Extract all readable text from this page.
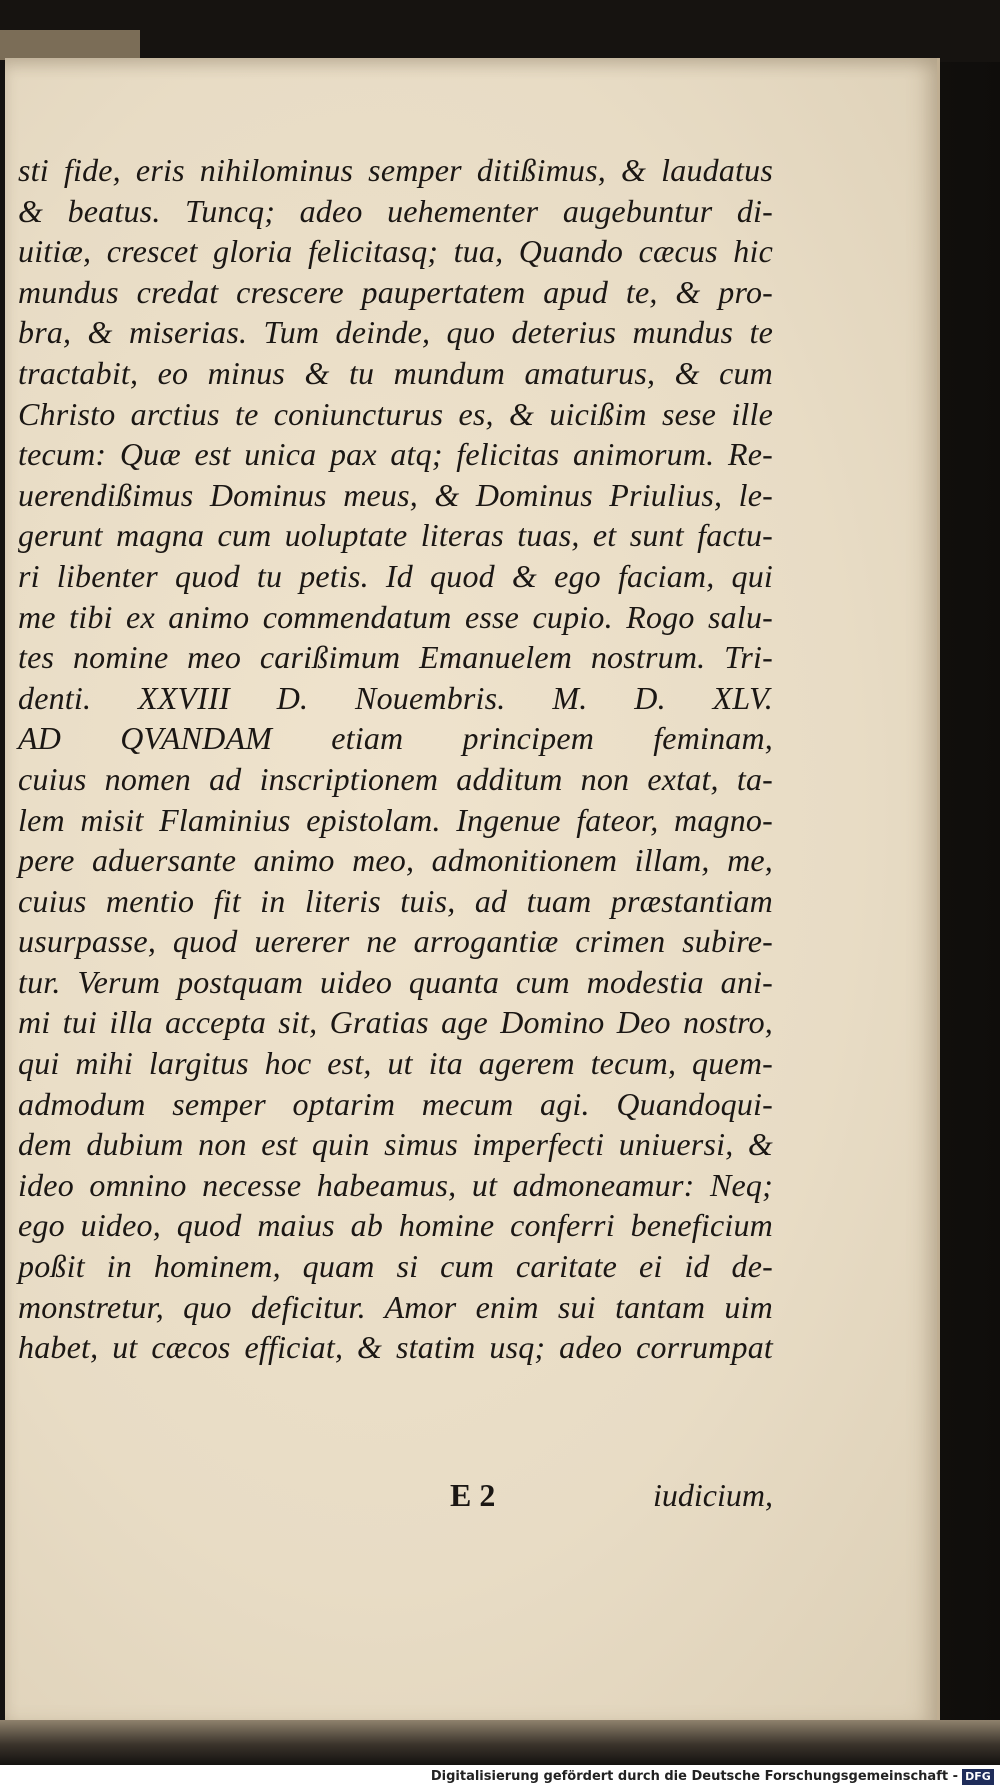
sti fide, eris nihilominus semper ditißimus, & laudatus
& beatus. Tuncq; adeo uehementer augebuntur di-
uitiæ, crescet gloria felicitasq; tua, Quando cæcus hic
mundus credat crescere paupertatem apud te, & pro-
bra, & miserias. Tum deinde, quo deterius mundus te
tractabit, eo minus & tu mundum amaturus, & cum
Christo arctius te coniuncturus es, & uicißim sese ille
tecum: Quæ est unica pax atq; felicitas animorum. Re-
uerendißimus Dominus meus, & Dominus Priulius, le-
gerunt magna cum uoluptate literas tuas, et sunt factu-
ri libenter quod tu petis. Id quod & ego faciam, qui
me tibi ex animo commendatum esse cupio. Rogo salu-
tes nomine meo carißimum Emanuelem nostrum. Tri-
denti. XXVIII D. Nouembris. M. D. XLV.
AD QVANDAM etiam principem feminam,
cuius nomen ad inscriptionem additum non extat, ta-
lem misit Flaminius epistolam. Ingenue fateor, magno-
pere aduersante animo meo, admonitionem illam, me,
cuius mentio fit in literis tuis, ad tuam præstantiam
usurpasse, quod uererer ne arrogantiæ crimen subire-
tur. Verum postquam uideo quanta cum modestia ani-
mi tui illa accepta sit, Gratias age Domino Deo nostro,
qui mihi largitus hoc est, ut ita agerem tecum, quem-
admodum semper optarim mecum agi. Quandoqui-
dem dubium non est quin simus imperfecti uniuersi, &
ideo omnino necesse habeamus, ut admoneamur: Neq;
ego uideo, quod maius ab homine conferri beneficium
poßit in hominem, quam si cum caritate ei id de-
monstretur, quo deficitur. Amor enim sui tantam uim
habet, ut cæcos efficiat, & statim usq; adeo corrumpat
E 2	iudicium,
Digitalisierung gefördert durch die Deutsche Forschungsgemeinschaft - DFG
